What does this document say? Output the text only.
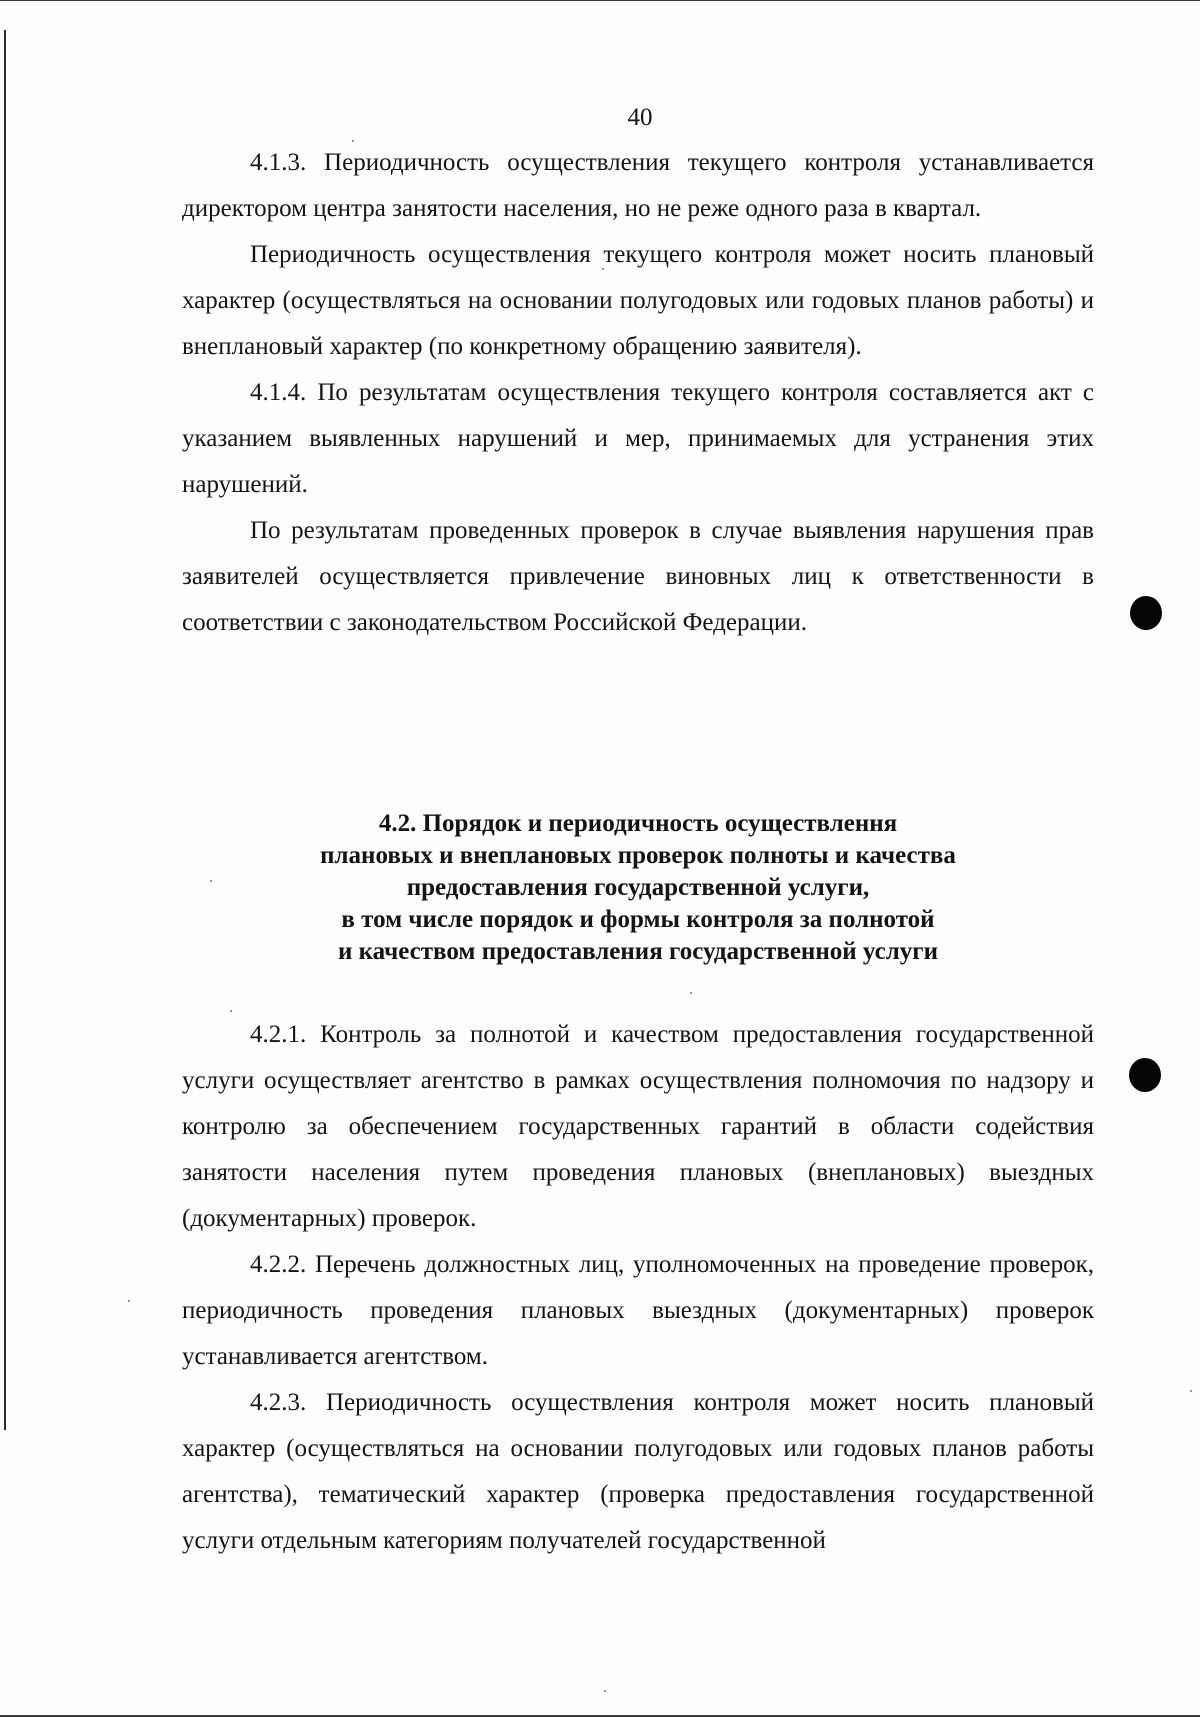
40

4.1.3. Периодичность осуществления текущего контроля устанавливается директором центра занятости населения, но не реже одного раза в квартал.

Периодичность осуществления текущего контроля может носить плановый характер (осуществляться на основании полугодовых или годовых планов работы) и внеплановый характер (по конкретному обращению заявителя).

4.1.4. По результатам осуществления текущего контроля составляется акт с указанием выявленных нарушений и мер, принимаемых для устранения этих нарушений.

По результатам проведенных проверок в случае выявления нарушения прав заявителей осуществляется привлечение виновных лиц к ответственности в соответствии с законодательством Российской Федерации.

4.2. Порядок и периодичность осуществлення
плановых и внеплановых проверок полноты и качества
предоставления государственной услуги,
в том числе порядок и формы контроля за полнотой
и качеством предоставления государственной услуги

4.2.1. Контроль за полнотой и качеством предоставления государственной услуги осуществляет агентство в рамках осуществления полномочия по надзору и контролю за обеспечением государственных гарантий в области содействия занятости населения путем проведения плановых (внеплановых) выездных (документарных) проверок.

4.2.2. Перечень должностных лиц, уполномоченных на проведение проверок, периодичность проведения плановых выездных (документарных) проверок устанавливается агентством.

4.2.3. Периодичность осуществления контроля может носить плановый характер (осуществляться на основании полугодовых или годовых планов работы агентства), тематический характер (проверка предоставления государственной услуги отдельным категориям получателей государственной
